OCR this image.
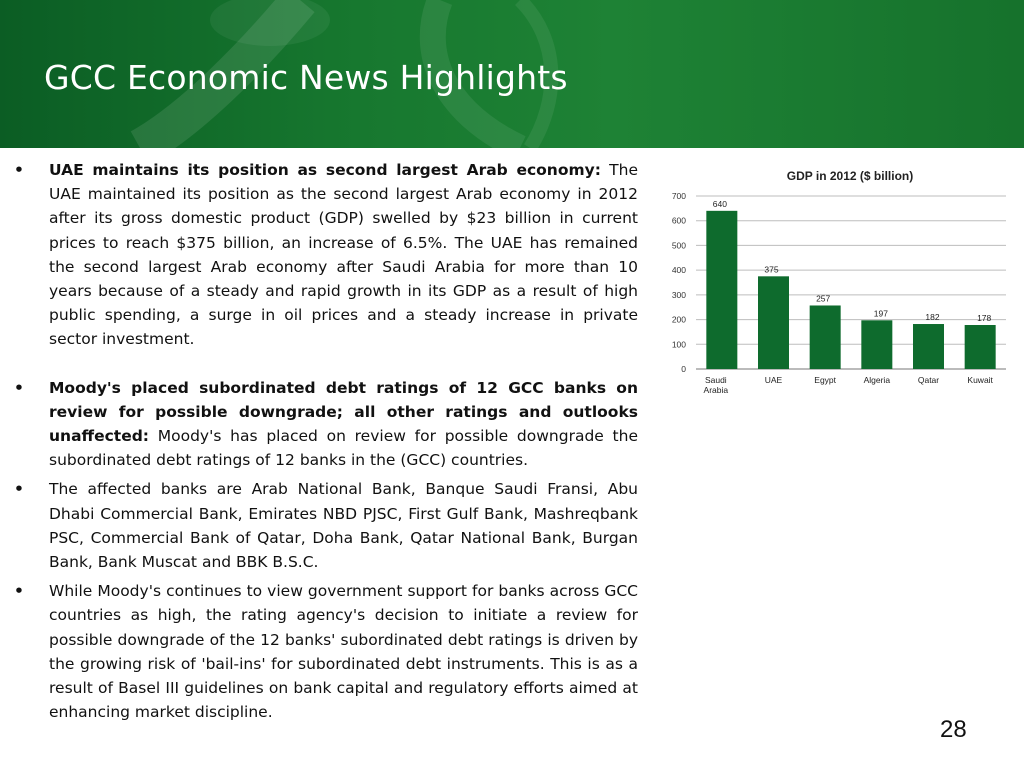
GCC Economic News Highlights

• UAE maintains its position as second largest Arab economy: The UAE maintained its position as the second largest Arab economy in 2012 after its gross domestic product (GDP) swelled by $23 billion in current prices to reach $375 billion, an increase of 6.5%. The UAE has remained the second largest Arab economy after Saudi Arabia for more than 10 years because of a steady and rapid growth in its GDP as a result of high public spending, a surge in oil prices and a steady increase in private sector investment.

• Moody's placed subordinated debt ratings of 12 GCC banks on review for possible downgrade; all other ratings and outlooks unaffected: Moody's has placed on review for possible downgrade the subordinated debt ratings of 12 banks in the (GCC) countries.

• The affected banks are Arab National Bank, Banque Saudi Fransi, Abu Dhabi Commercial Bank, Emirates NBD PJSC, First Gulf Bank, Mashreqbank PSC, Commercial Bank of Qatar, Doha Bank, Qatar National Bank, Burgan Bank, Bank Muscat and BBK B.S.C.

• While Moody's continues to view government support for banks across GCC countries as high, the rating agency's decision to initiate a review for possible downgrade of the 12 banks' subordinated debt ratings is driven by the growing risk of 'bail-ins' for subordinated debt instruments. This is as a result of Basel III guidelines on bank capital and regulatory efforts aimed at enhancing market discipline.

GDP in 2012 ($ billion)
0
100
200
300
400
500
600
700
640
375
257
197	182	178
Saudi Arabia
UAE	Egypt	Algeria	Qatar	Kuwait
28
